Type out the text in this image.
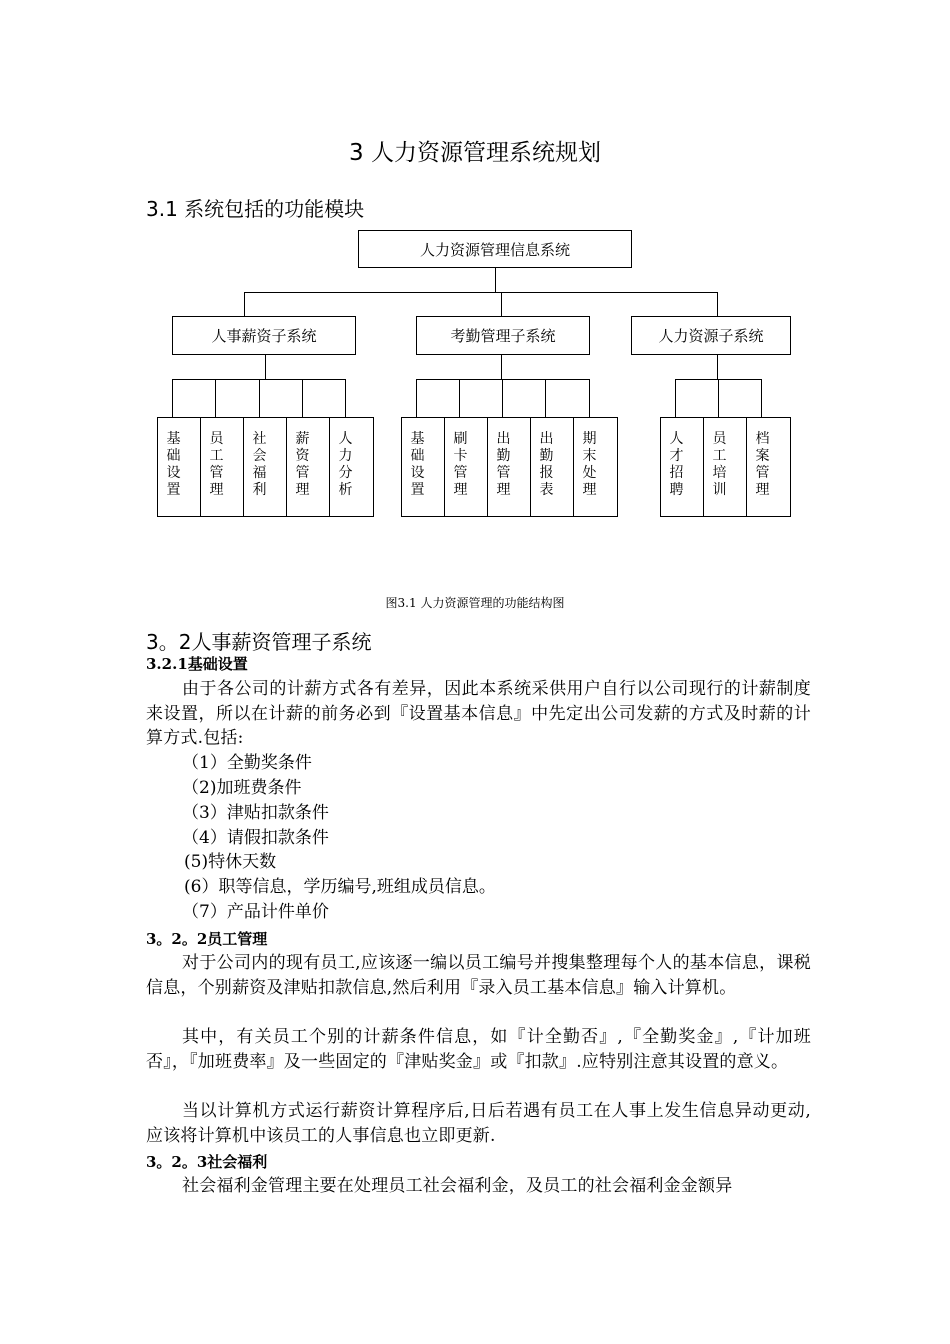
3 人力资源管理系统规划
3.1 系统包括的功能模块
人力资源管理信息系统
人事薪资子系统	考勤管理子系统	人力资源子系统
基础设置
员工管理
社会福利
薪资管理
人力分析
基础设置
刷卡管理
出勤管理
出勤报表
期末处理
人才招聘
员工培训
档案管理
图3.1 人力资源管理的功能结构图
3。2人事薪资管理子系统
3.2.1基础设置
由于各公司的计薪方式各有差异，因此本系统采供用户自行以公司现行的计薪制度来设置，所以在计薪的前务必到『设置基本信息』中先定出公司发薪的方式及时薪的计算方式.包括:
（1）全勤奖条件
（2)加班费条件
（3）津贴扣款条件
（4）请假扣款条件
(5)特休天数
(6）职等信息，学历编号,班组成员信息。
（7）产品计件单价
3。2。2员工管理
对于公司内的现有员工,应该逐一编以员工编号并搜集整理每个人的基本信息，课税信息，个别薪资及津贴扣款信息,然后利用『录入员工基本信息』输入计算机。
其中，有关员工个别的计薪条件信息，如『计全勤否』,『全勤奖金』,『计加班否』，『加班费率』及一些固定的『津贴奖金』或『扣款』.应特别注意其设置的意义。
当以计算机方式运行薪资计算程序后,日后若遇有员工在人事上发生信息异动更动,应该将计算机中该员工的人事信息也立即更新.
3。2。3社会福利
社会福利金管理主要在处理员工社会福利金，及员工的社会福利金金额异
